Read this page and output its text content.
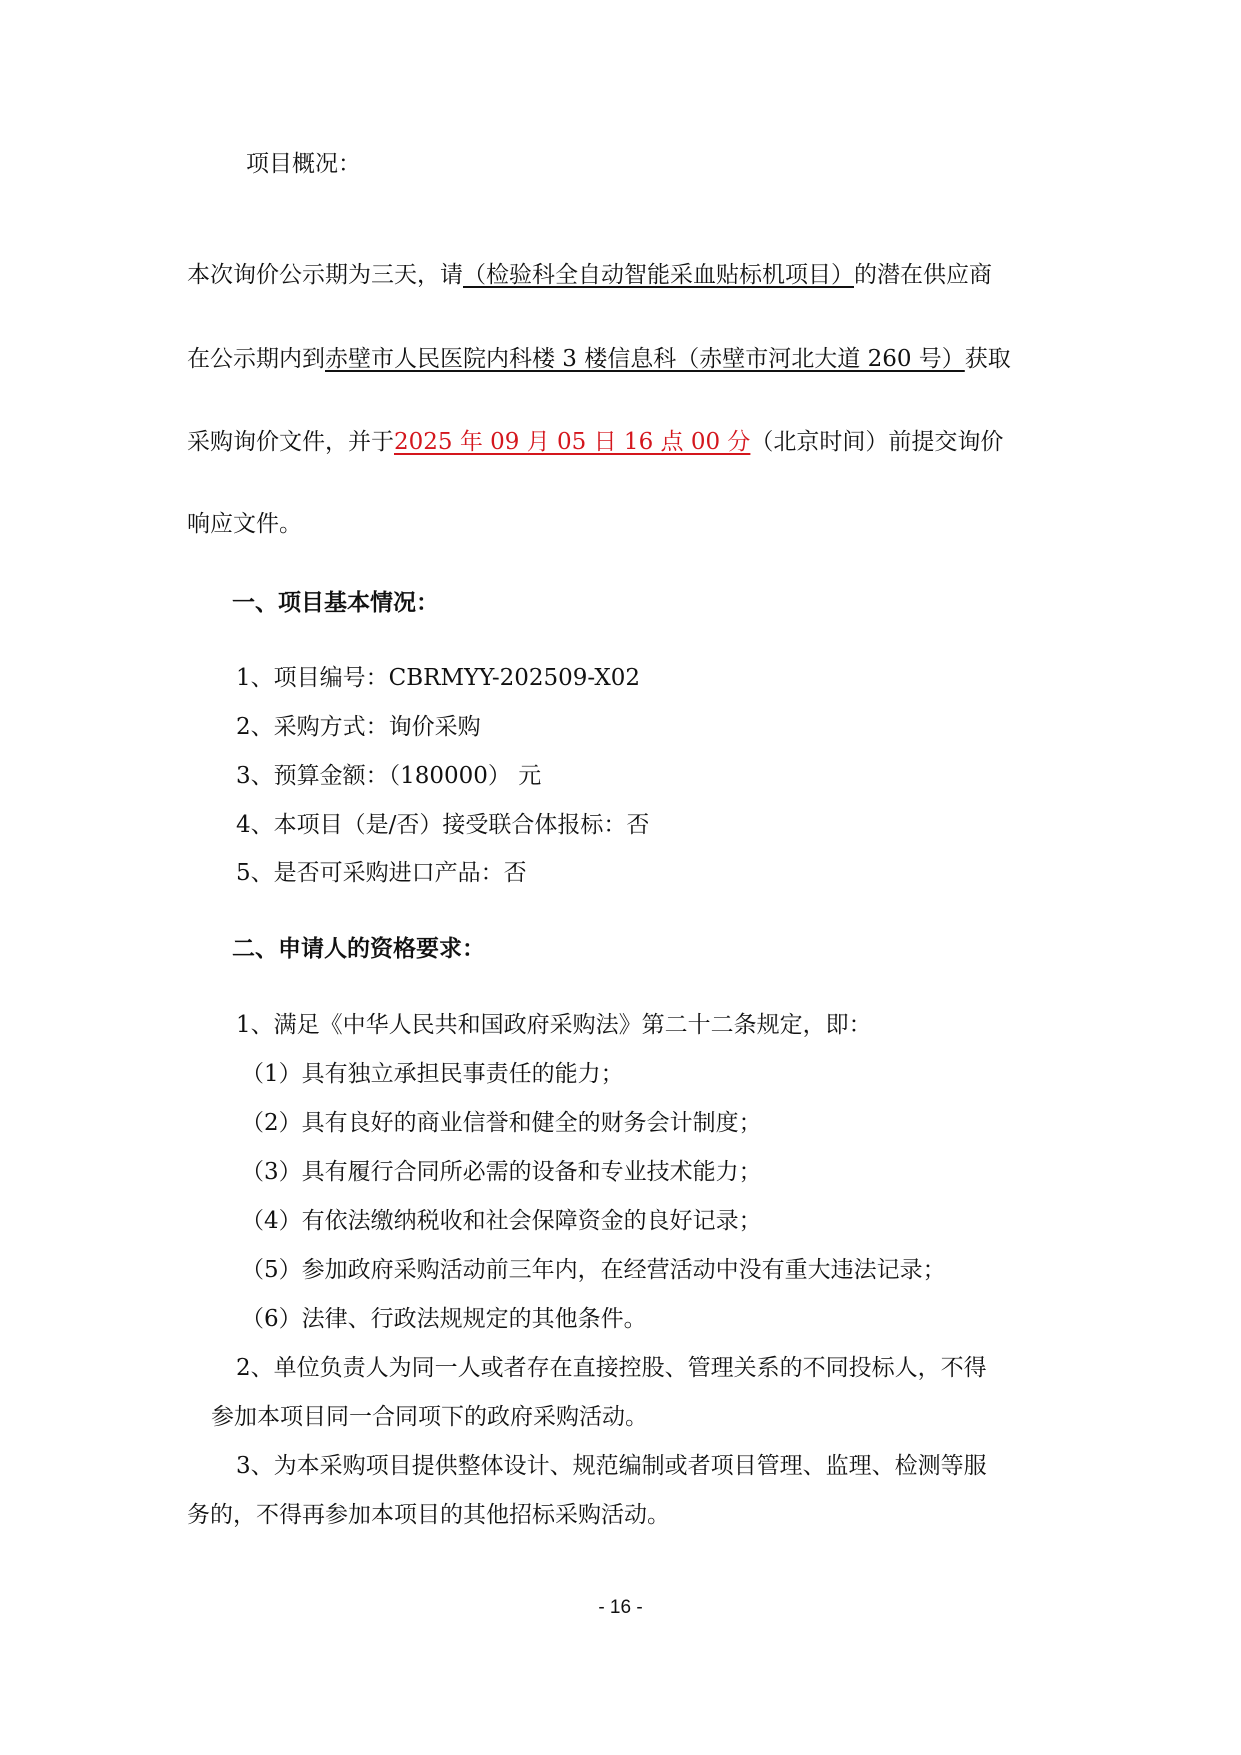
项目概况：
本次询价公示期为三天，请（检验科全自动智能采血贴标机项目）的潜在供应商
在公示期内到赤壁市人民医院内科楼 3 楼信息科（赤壁市河北大道 260 号）获取
采购询价文件，并于2025 年 09 月 05 日 16 点 00 分（北京时间）前提交询价
响应文件。
一、项目基本情况：
1、项目编号：CBRMYY-202509-X02
2、采购方式：询价采购
3、预算金额：（180000） 元
4、本项目（是/否）接受联合体报标：否
5、是否可采购进口产品：否
二、申请人的资格要求：
1、满足《中华人民共和国政府采购法》第二十二条规定，即：
（1）具有独立承担民事责任的能力；
（2）具有良好的商业信誉和健全的财务会计制度；
（3）具有履行合同所必需的设备和专业技术能力；
（4）有依法缴纳税收和社会保障资金的良好记录；
（5）参加政府采购活动前三年内，在经营活动中没有重大违法记录；
（6）法律、行政法规规定的其他条件。
2、单位负责人为同一人或者存在直接控股、管理关系的不同投标人，不得
参加本项目同一合同项下的政府采购活动。
3、为本采购项目提供整体设计、规范编制或者项目管理、监理、检测等服
务的，不得再参加本项目的其他招标采购活动。
- 16 -
